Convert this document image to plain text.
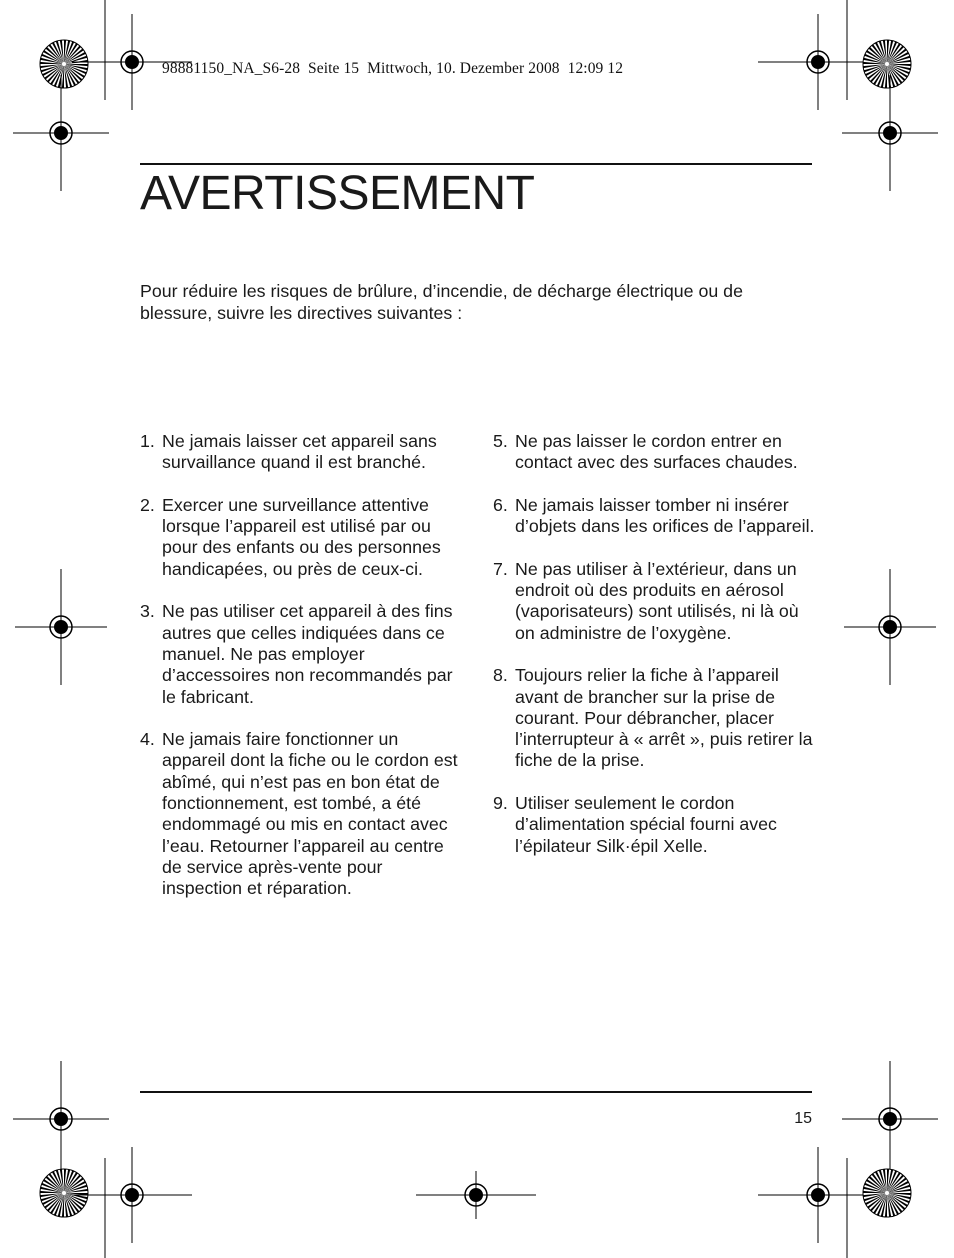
98881150_NA_S6-28  Seite 15  Mittwoch, 10. Dezember 2008  12:09 12
AVERTISSEMENT

Pour réduire les risques de brûlure, d’incendie, de décharge électrique ou de blessure, suivre les directives suivantes :

1. Ne jamais laisser cet appareil sans survaillance quand il est branché.
2. Exercer une surveillance attentive lorsque l’appareil est utilisé par ou pour des enfants ou des personnes handicapées, ou près de ceux-ci.
3. Ne pas utiliser cet appareil à des fins autres que celles indiquées dans ce manuel. Ne pas employer d’accessoires non recommandés par le fabricant.
4. Ne jamais faire fonctionner un appareil dont la fiche ou le cordon est abîmé, qui n’est pas en bon état de fonctionnement, est tombé, a été endommagé ou mis en contact avec l’eau. Retourner l’appareil au centre de service après-vente pour inspection et réparation.
5. Ne pas laisser le cordon entrer en contact avec des surfaces chaudes.
6. Ne jamais laisser tomber ni insérer d’objets dans les orifices de l’appareil.
7. Ne pas utiliser à l’extérieur, dans un endroit où des produits en aérosol (vaporisateurs) sont utilisés, ni là où on administre de l’oxygène.
8. Toujours relier la fiche à l’appareil avant de brancher sur la prise de courant. Pour débrancher, placer l’interrupteur à « arrêt », puis retirer la fiche de la prise.
9. Utiliser seulement le cordon d’alimentation spécial fourni avec l’épilateur Silk·épil Xelle.
15
